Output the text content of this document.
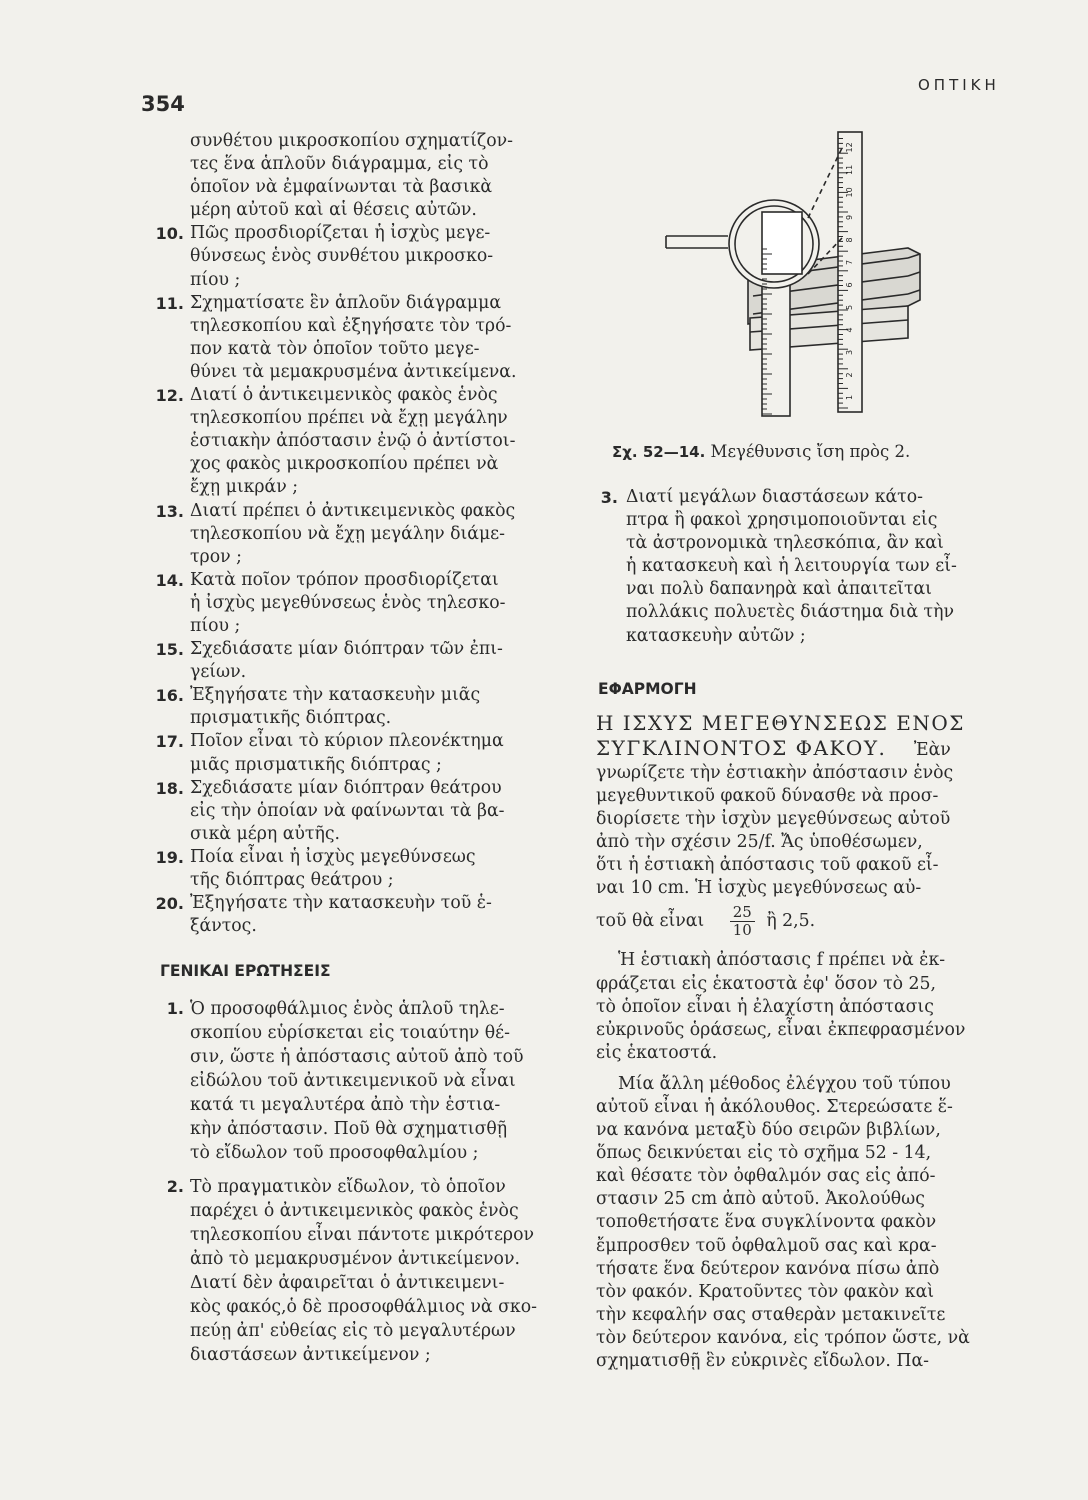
354
ΟΠΤΙΚΗ
συνθέτου μικροσκοπίου σχηματίζον-
τες ἕνα ἁπλοῦν διάγραμμα, εἰς τὸ
ὁποῖον νὰ ἐμφαίνωνται τὰ βασικὰ
μέρη αὐτοῦ καὶ αἱ θέσεις αὐτῶν.
10. Πῶς προσδιορίζεται ἡ ἰσχὺς μεγε-
θύνσεως ἑνὸς συνθέτου μικροσκο-
πίου ;
11. Σχηματίσατε ἓν ἁπλοῦν διάγραμμα
τηλεσκοπίου καὶ ἐξηγήσατε τὸν τρό-
πον κατὰ τὸν ὁποῖον τοῦτο μεγε-
θύνει τὰ μεμακρυσμένα ἀντικείμενα.
12. Διατί ὁ ἀντικειμενικὸς φακὸς ἑνὸς
τηλεσκοπίου πρέπει νὰ ἔχῃ μεγάλην
ἑστιακὴν ἀπόστασιν ἐνῷ ὁ ἀντίστοι-
χος φακὸς μικροσκοπίου πρέπει νὰ
ἔχῃ μικράν ;
13. Διατί πρέπει ὁ ἀντικειμενικὸς φακὸς
τηλεσκοπίου νὰ ἔχῃ μεγάλην διάμε-
τρον ;
14. Κατὰ ποῖον τρόπον προσδιορίζεται
ἡ ἰσχὺς μεγεθύνσεως ἑνὸς τηλεσκο-
πίου ;
15. Σχεδιάσατε μίαν διόπτραν τῶν ἐπι-
γείων.
16. Ἐξηγήσατε τὴν κατασκευὴν μιᾶς
πρισματικῆς διόπτρας.
17. Ποῖον εἶναι τὸ κύριον πλεονέκτημα
μιᾶς πρισματικῆς διόπτρας ;
18. Σχεδιάσατε μίαν διόπτραν θεάτρου
εἰς τὴν ὁποίαν νὰ φαίνωνται τὰ βα-
σικὰ μέρη αὐτῆς.
19. Ποία εἶναι ἡ ἰσχὺς μεγεθύνσεως
τῆς διόπτρας θεάτρου ;
20. Ἐξηγήσατε τὴν κατασκευὴν τοῦ ἑ-
ξάντος.
ΓΕΝΙΚΑΙ ΕΡΩΤΗΣΕΙΣ
1. Ὁ προσοφθάλμιος ἑνὸς ἁπλοῦ τηλε-
σκοπίου εὑρίσκεται εἰς τοιαύτην θέ-
σιν, ὥστε ἡ ἀπόστασις αὐτοῦ ἀπὸ τοῦ
εἰδώλου τοῦ ἀντικειμενικοῦ νὰ εἶναι
κατά τι μεγαλυτέρα ἀπὸ τὴν ἑστια-
κὴν ἀπόστασιν. Ποῦ θὰ σχηματισθῇ
τὸ εἴδωλον τοῦ προσοφθαλμίου ;
2. Τὸ πραγματικὸν εἴδωλον, τὸ ὁποῖον
παρέχει ὁ ἀντικειμενικὸς φακὸς ἑνὸς
τηλεσκοπίου εἶναι πάντοτε μικρότερον
ἀπὸ τὸ μεμακρυσμένον ἀντικείμενον.
Διατί δὲν ἀφαιρεῖται ὁ ἀντικειμενι-
κὸς φακός,ὁ δὲ προσοφθάλμιος νὰ σκο-
πεύῃ ἀπ' εὐθείας εἰς τὸ μεγαλυτέρων
διαστάσεων ἀντικείμενον ;
1
2
3
4
5
6
7
8
9
10
11
12
Σχ. 52—14. Μεγέθυνσις ἴση πρὸς 2.
3. Διατί μεγάλων διαστάσεων κάτο-
πτρα ἢ φακοὶ χρησιμοποιοῦνται εἰς
τὰ ἀστρονομικὰ τηλεσκόπια, ἂν καὶ
ἡ κατασκευὴ καὶ ἡ λειτουργία των εἶ-
ναι πολὺ δαπανηρὰ καὶ ἀπαιτεῖται
πολλάκις πολυετὲς διάστημα διὰ τὴν
κατασκευὴν αὐτῶν ;
ΕΦΑΡΜΟΓΗ
Η ΙΣΧΥΣ ΜΕΓΕΘΥΝΣΕΩΣ ΕΝΟΣ
ΣΥΓΚΛΙΝΟΝΤΟΣ ΦΑΚΟΥ. Ἐὰν
γνωρίζετε τὴν ἑστιακὴν ἀπόστασιν ἑνὸς
μεγεθυντικοῦ φακοῦ δύνασθε νὰ προσ-
διορίσετε τὴν ἰσχὺν μεγεθύνσεως αὐτοῦ
ἀπὸ τὴν σχέσιν 25/f. Ἄς ὑποθέσωμεν,
ὅτι ἡ ἑστιακὴ ἀπόστασις τοῦ φακοῦ εἶ-
ναι 10 cm. Ἡ ἰσχὺς μεγεθύνσεως αὐ-
τοῦ θὰ εἶναι $\frac{25}{10}$ ἢ 2,5.
Ἡ ἑστιακὴ ἀπόστασις f πρέπει νὰ ἐκ-
φράζεται εἰς ἑκατοστὰ ἐφ' ὅσον τὸ 25,
τὸ ὁποῖον εἶναι ἡ ἐλαχίστη ἀπόστασις
εὐκρινοῦς ὁράσεως, εἶναι ἐκπεφρασμένον
εἰς ἑκατοστά.
Μία ἄλλη μέθοδος ἐλέγχου τοῦ τύπου
αὐτοῦ εἶναι ἡ ἀκόλουθος. Στερεώσατε ἕ-
να κανόνα μεταξὺ δύο σειρῶν βιβλίων,
ὅπως δεικνύεται εἰς τὸ σχῆμα 52 - 14,
καὶ θέσατε τὸν ὀφθαλμόν σας εἰς ἀπό-
στασιν 25 cm ἀπὸ αὐτοῦ. Ἀκολούθως
τοποθετήσατε ἕνα συγκλίνοντα φακὸν
ἔμπροσθεν τοῦ ὀφθαλμοῦ σας καὶ κρα-
τήσατε ἕνα δεύτερον κανόνα πίσω ἀπὸ
τὸν φακόν. Κρατοῦντες τὸν φακὸν καὶ
τὴν κεφαλήν σας σταθερὰν μετακινεῖτε
τὸν δεύτερον κανόνα, εἰς τρόπον ὥστε, νὰ
σχηματισθῇ ἓν εὐκρινὲς εἴδωλον. Πα-
